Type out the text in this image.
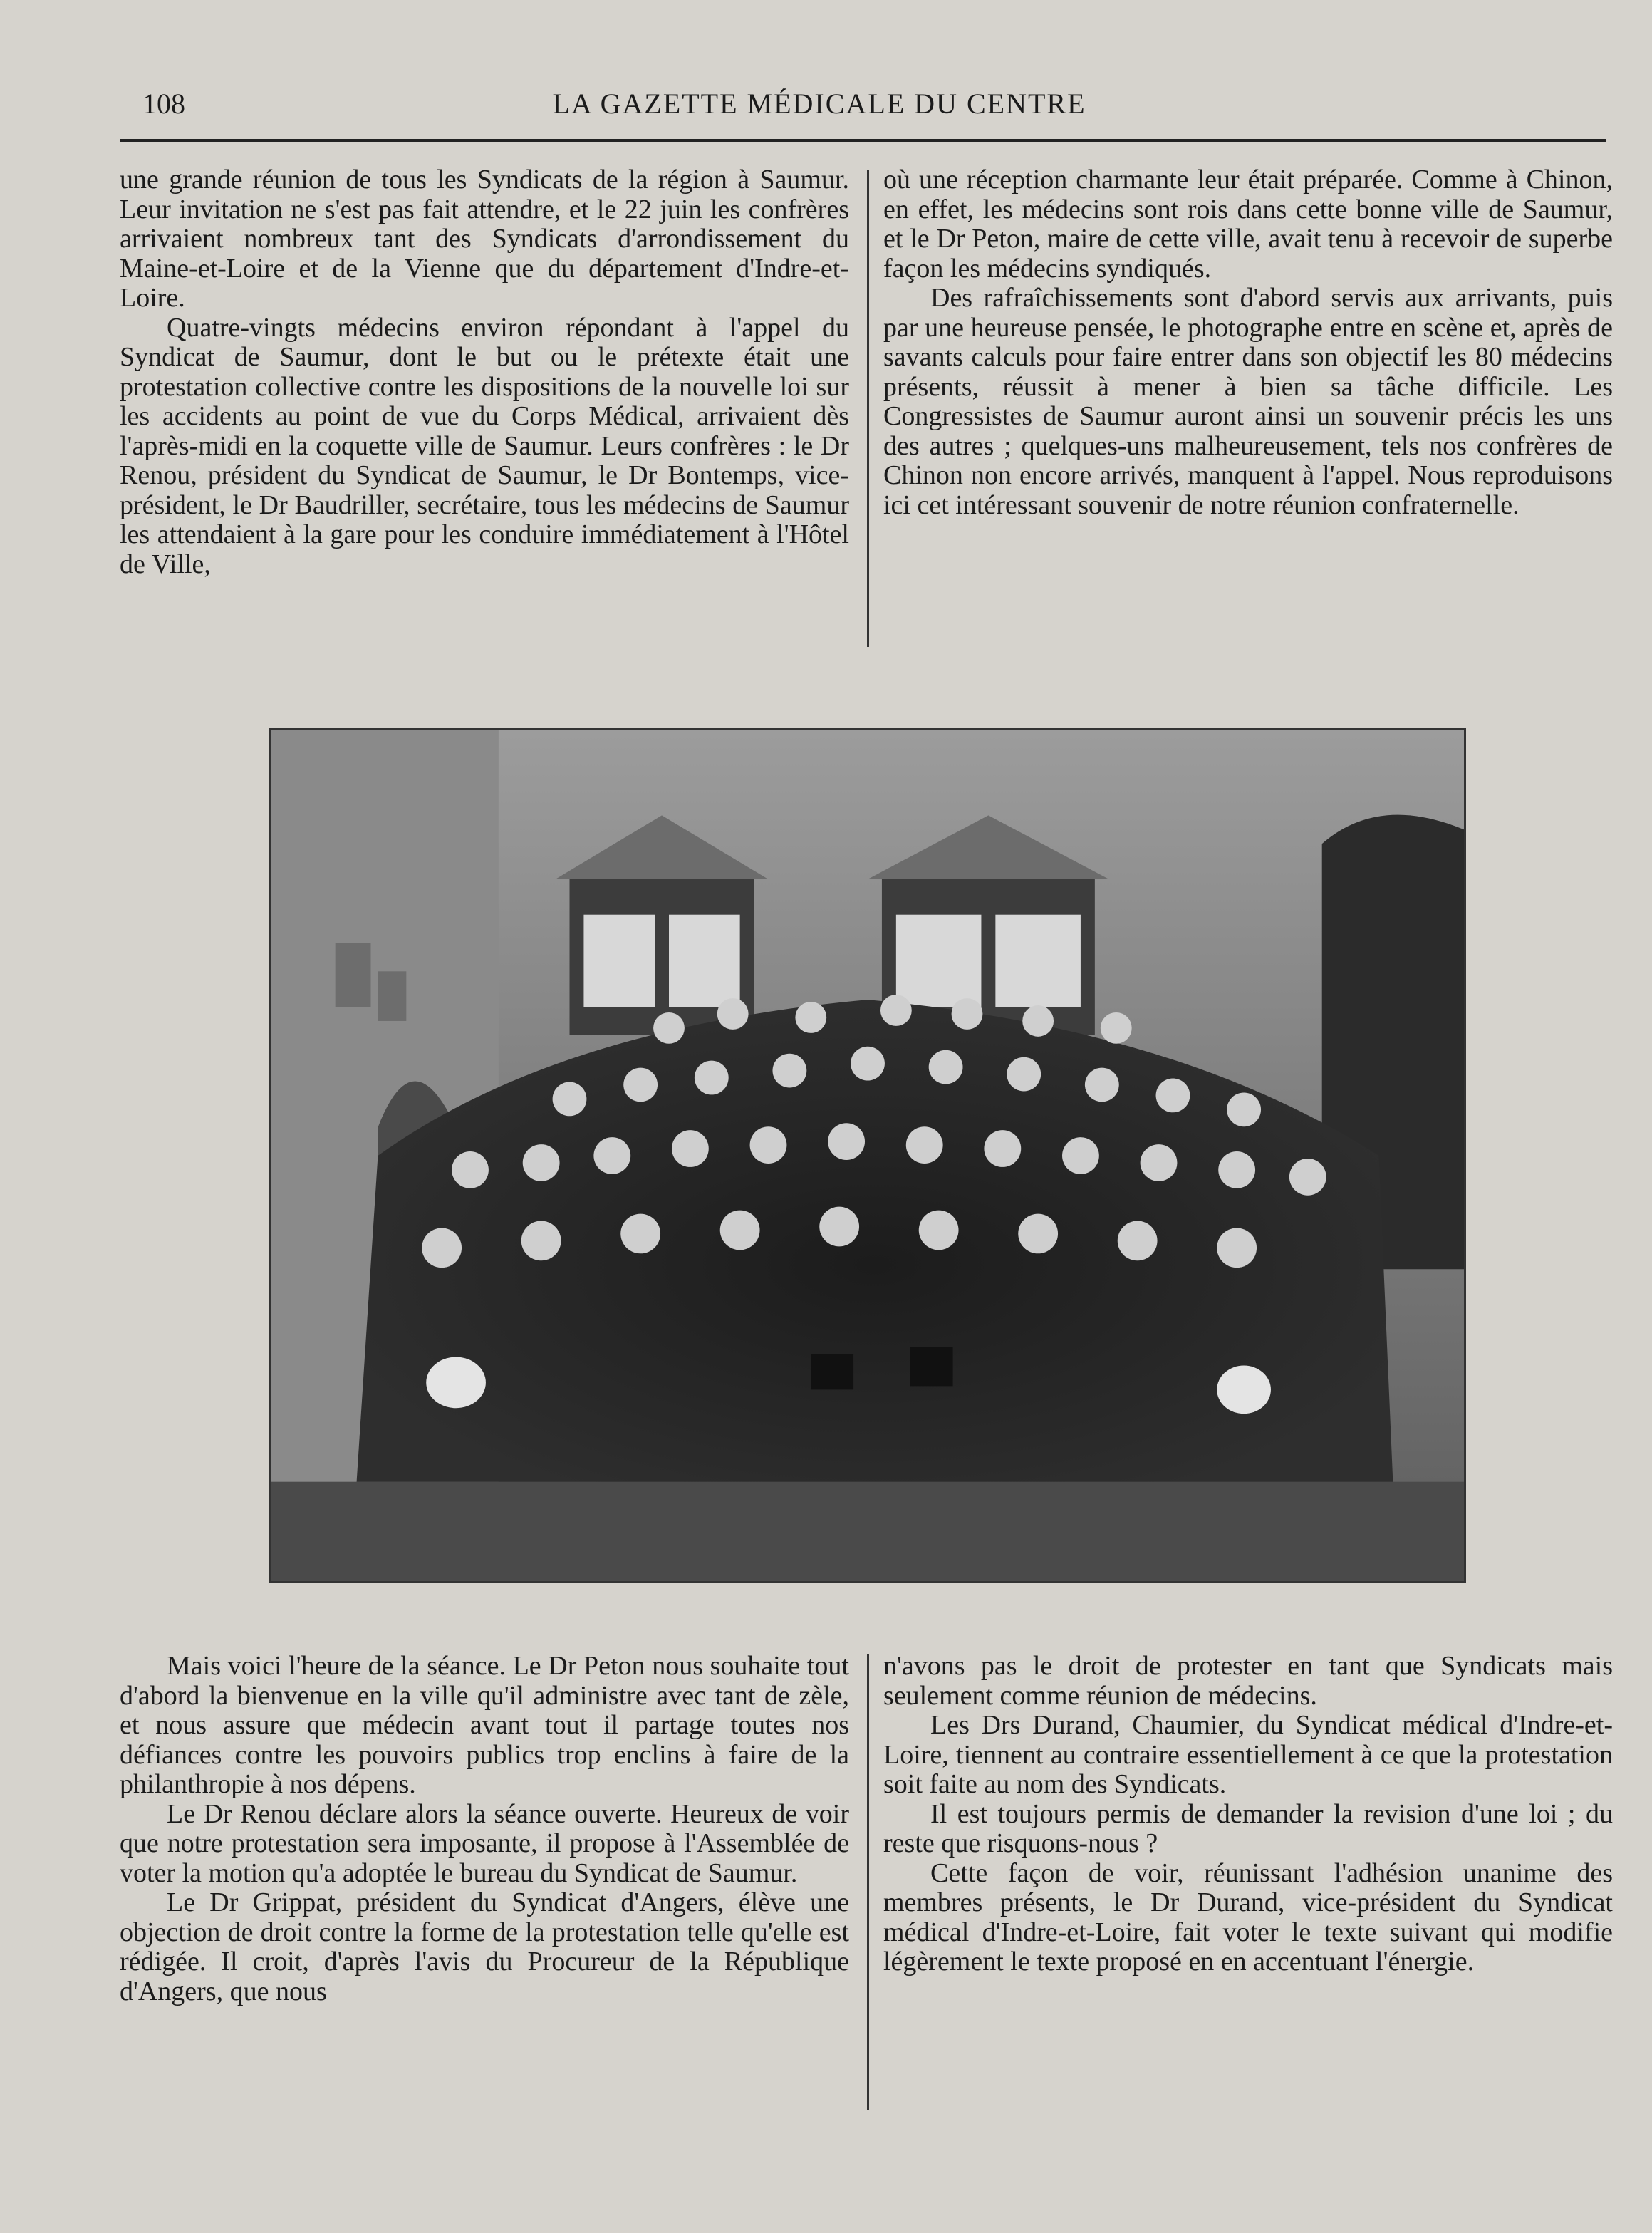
108	LA GAZETTE MÉDICALE DU CENTRE

une grande réunion de tous les Syndicats de la région à Saumur. Leur invitation ne s'est pas fait attendre, et le 22 juin les confrères arrivaient nombreux tant des Syndicats d'arrondissement du Maine-et-Loire et de la Vienne que du département d'Indre-et-Loire.

Quatre-vingts médecins environ répondant à l'appel du Syndicat de Saumur, dont le but ou le prétexte était une protestation collective contre les dispositions de la nouvelle loi sur les accidents au point de vue du Corps Médical, arrivaient dès l'après-midi en la coquette ville de Saumur. Leurs confrères : le Dr Renou, président du Syndicat de Saumur, le Dr Bontemps, vice-président, le Dr Baudriller, secrétaire, tous les médecins de Saumur les attendaient à la gare pour les conduire immédiatement à l'Hôtel de Ville,

où une réception charmante leur était préparée. Comme à Chinon, en effet, les médecins sont rois dans cette bonne ville de Saumur, et le Dr Peton, maire de cette ville, avait tenu à recevoir de superbe façon les médecins syndiqués.

Des rafraîchissements sont d'abord servis aux arrivants, puis par une heureuse pensée, le photographe entre en scène et, après de savants calculs pour faire entrer dans son objectif les 80 médecins présents, réussit à mener à bien sa tâche difficile. Les Congressistes de Saumur auront ainsi un souvenir précis les uns des autres ; quelques-uns malheureusement, tels nos confrères de Chinon non encore arrivés, manquent à l'appel. Nous reproduisons ici cet intéressant souvenir de notre réunion confraternelle.

Mais voici l'heure de la séance. Le Dr Peton nous souhaite tout d'abord la bienvenue en la ville qu'il administre avec tant de zèle, et nous assure que médecin avant tout il partage toutes nos défiances contre les pouvoirs publics trop enclins à faire de la philanthropie à nos dépens.

Le Dr Renou déclare alors la séance ouverte. Heureux de voir que notre protestation sera imposante, il propose à l'Assemblée de voter la motion qu'a adoptée le bureau du Syndicat de Saumur.

Le Dr Grippat, président du Syndicat d'Angers, élève une objection de droit contre la forme de la protestation telle qu'elle est rédigée. Il croit, d'après l'avis du Procureur de la République d'Angers, que nous

n'avons pas le droit de protester en tant que Syndicats mais seulement comme réunion de médecins.

Les Drs Durand, Chaumier, du Syndicat médical d'Indre-et-Loire, tiennent au contraire essentiellement à ce que la protestation soit faite au nom des Syndicats.

Il est toujours permis de demander la revision d'une loi ; du reste que risquons-nous ?

Cette façon de voir, réunissant l'adhésion unanime des membres présents, le Dr Durand, vice-président du Syndicat médical d'Indre-et-Loire, fait voter le texte suivant qui modifie légèrement le texte proposé en en accentuant l'énergie.
